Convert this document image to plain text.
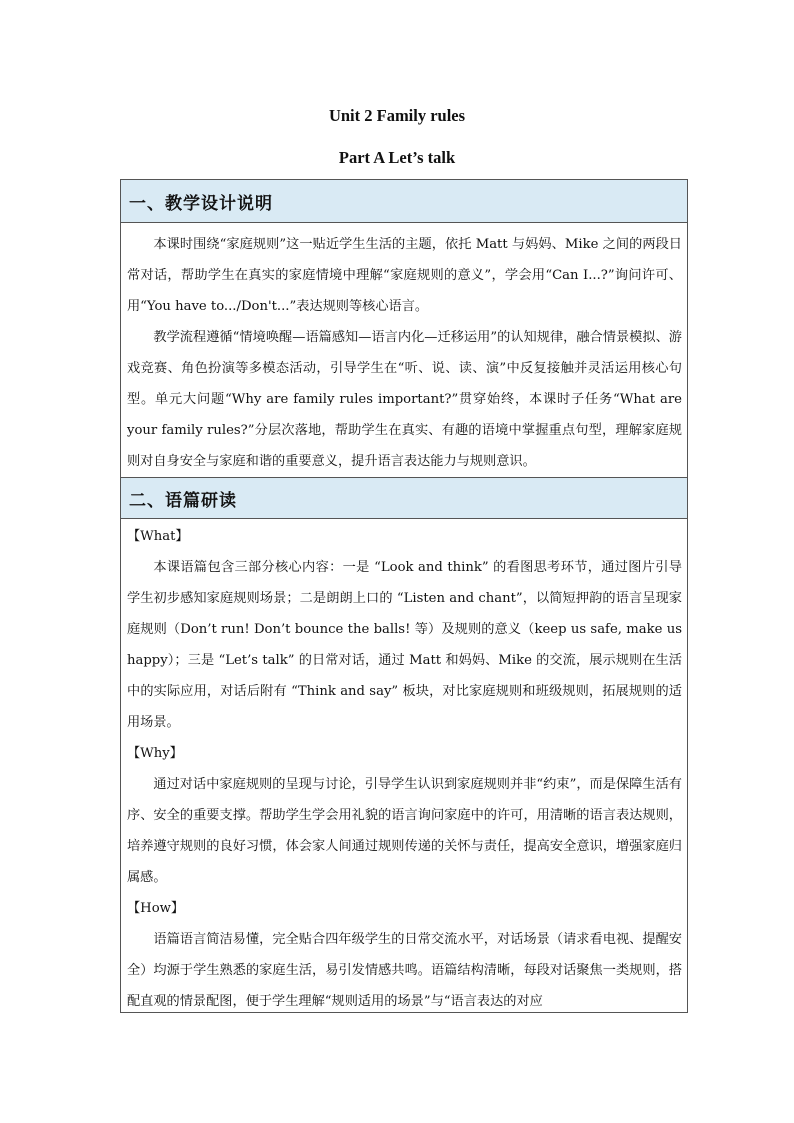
Unit 2 Family rules
Part A Let’s talk
一、教学设计说明

本课时围绕“家庭规则”这一贴近学生生活的主题，依托 Matt 与妈妈、Mike 之间的两段日常对话，帮助学生在真实的家庭情境中理解“家庭规则的意义”，学会用“Can I...?”询问许可、用“You have to.../Don't...”表达规则等核心语言。

教学流程遵循“情境唤醒—语篇感知—语言内化—迁移运用”的认知规律，融合情景模拟、游戏竞赛、角色扮演等多模态活动，引导学生在“听、说、读、演”中反复接触并灵活运用核心句型。单元大问题“Why are family rules important?”贯穿始终，本课时子任务“What are your family rules?”分层次落地，帮助学生在真实、有趣的语境中掌握重点句型，理解家庭规则对自身安全与家庭和谐的重要意义，提升语言表达能力与规则意识。

二、语篇研读
【What】

本课语篇包含三部分核心内容：一是 “Look and think” 的看图思考环节，通过图片引导学生初步感知家庭规则场景；二是朗朗上口的 “Listen and chant”，以简短押韵的语言呈现家庭规则（Don’t run! Don’t bounce the balls! 等）及规则的意义（keep us safe, make us happy）；三是 “Let’s talk” 的日常对话，通过 Matt 和妈妈、Mike 的交流，展示规则在生活中的实际应用，对话后附有 “Think and say” 板块，对比家庭规则和班级规则，拓展规则的适用场景。

【Why】

通过对话中家庭规则的呈现与讨论，引导学生认识到家庭规则并非“约束”，而是保障生活有序、安全的重要支撑。帮助学生学会用礼貌的语言询问家庭中的许可，用清晰的语言表达规则，培养遵守规则的良好习惯，体会家人间通过规则传递的关怀与责任，提高安全意识，增强家庭归属感。

【How】

语篇语言简洁易懂，完全贴合四年级学生的日常交流水平，对话场景（请求看电视、提醒安全）均源于学生熟悉的家庭生活，易引发情感共鸣。语篇结构清晰，每段对话聚焦一类规则，搭配直观的情景配图，便于学生理解“规则适用的场景”与“语言表达的对应
